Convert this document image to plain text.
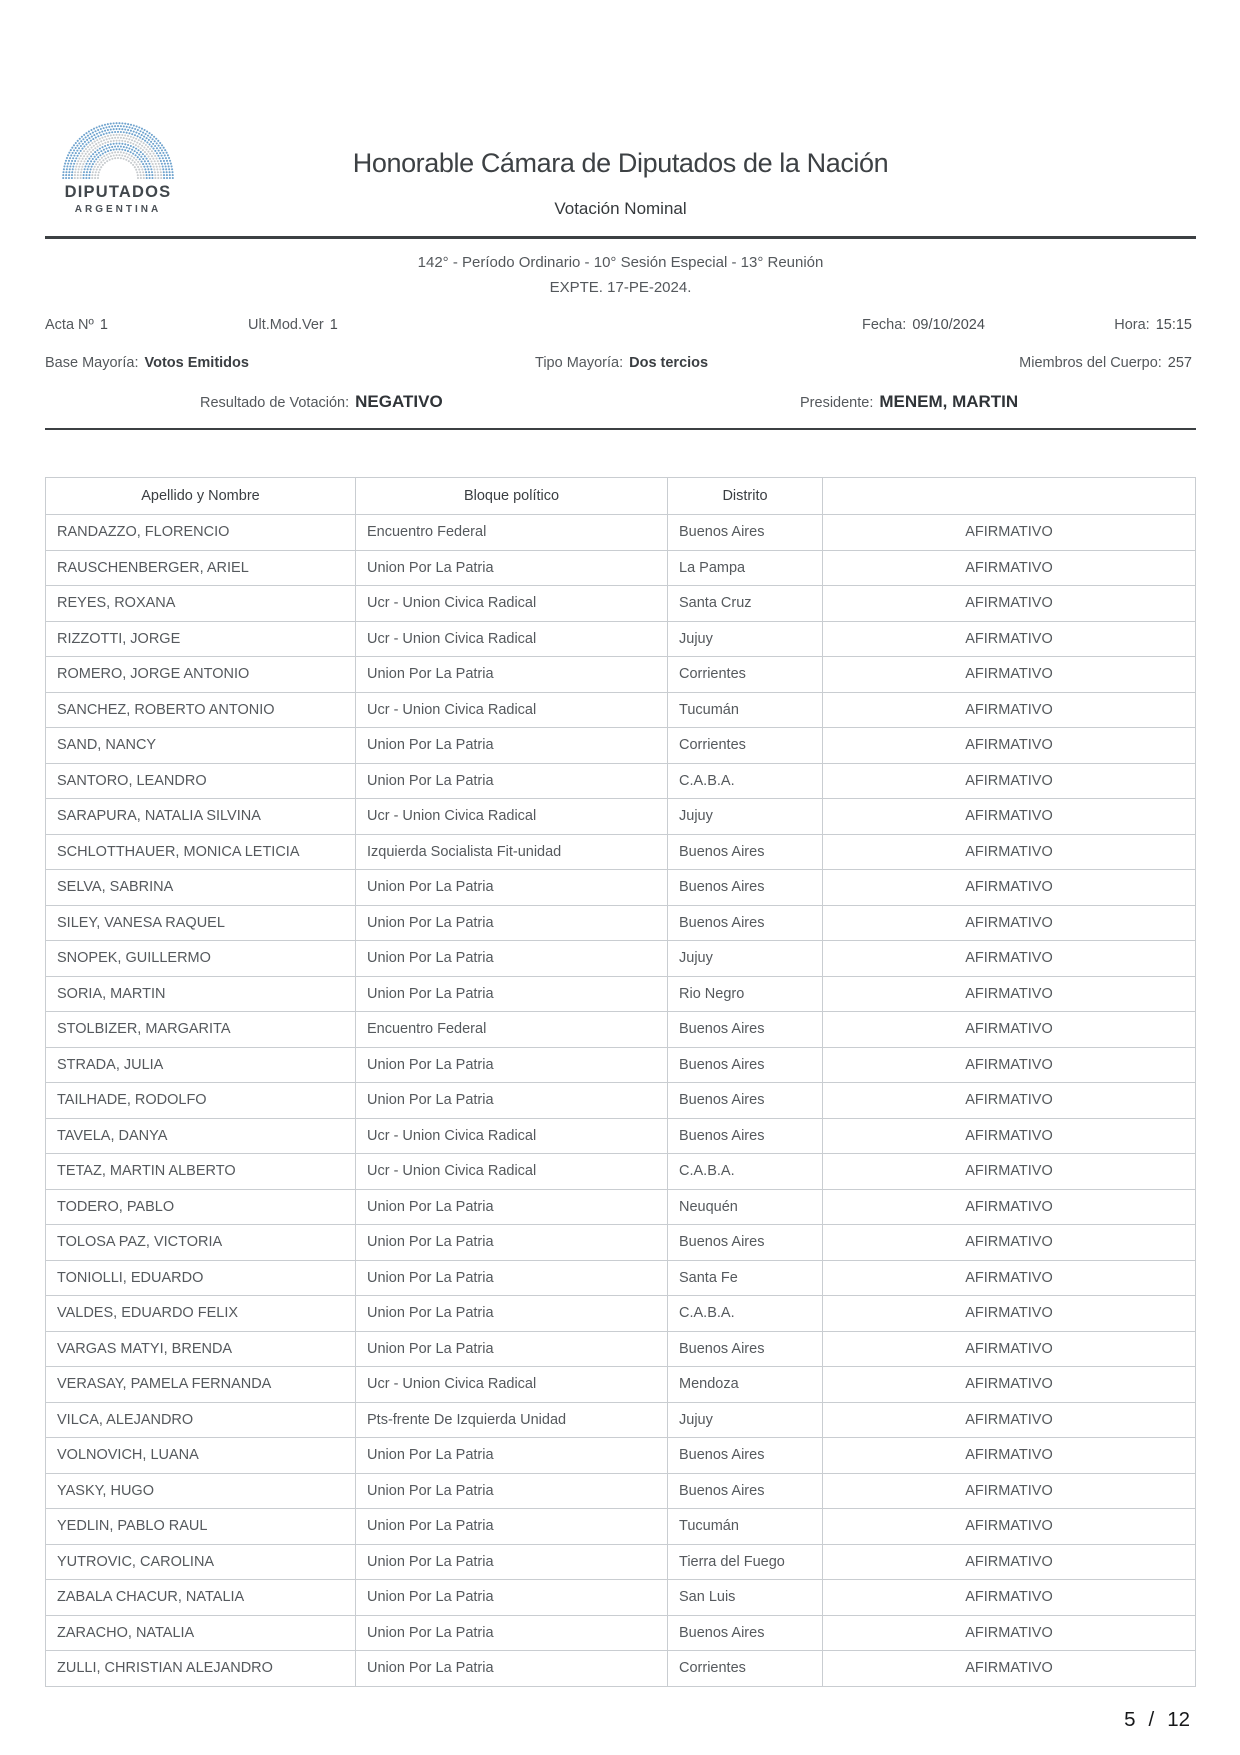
DIPUTADOS
ARGENTINA
Honorable Cámara de Diputados de la Nación
Votación Nominal
142° - Período Ordinario - 10° Sesión Especial - 13° Reunión
EXPTE. 17-PE-2024.
Acta Nº 1	Ult.Mod.Ver 1	Fecha: 09/10/2024	Hora: 15:15
Base Mayoría: Votos Emitidos	Tipo Mayoría: Dos tercios	Miembros del Cuerpo: 257
Resultado de Votación: NEGATIVO	Presidente: MENEM, MARTIN
Apellido y Nombre	Bloque político	Distrito
RANDAZZO, FLORENCIO	Encuentro Federal	Buenos Aires	AFIRMATIVO
RAUSCHENBERGER, ARIEL	Union Por La Patria	La Pampa	AFIRMATIVO
REYES, ROXANA	Ucr - Union Civica Radical	Santa Cruz	AFIRMATIVO
RIZZOTTI, JORGE	Ucr - Union Civica Radical	Jujuy	AFIRMATIVO
ROMERO, JORGE ANTONIO	Union Por La Patria	Corrientes	AFIRMATIVO
SANCHEZ, ROBERTO ANTONIO	Ucr - Union Civica Radical	Tucumán	AFIRMATIVO
SAND, NANCY	Union Por La Patria	Corrientes	AFIRMATIVO
SANTORO, LEANDRO	Union Por La Patria	C.A.B.A.	AFIRMATIVO
SARAPURA, NATALIA SILVINA	Ucr - Union Civica Radical	Jujuy	AFIRMATIVO
SCHLOTTHAUER, MONICA LETICIA	Izquierda Socialista Fit-unidad	Buenos Aires	AFIRMATIVO
SELVA, SABRINA	Union Por La Patria	Buenos Aires	AFIRMATIVO
SILEY, VANESA RAQUEL	Union Por La Patria	Buenos Aires	AFIRMATIVO
SNOPEK, GUILLERMO	Union Por La Patria	Jujuy	AFIRMATIVO
SORIA, MARTIN	Union Por La Patria	Rio Negro	AFIRMATIVO
STOLBIZER, MARGARITA	Encuentro Federal	Buenos Aires	AFIRMATIVO
STRADA, JULIA	Union Por La Patria	Buenos Aires	AFIRMATIVO
TAILHADE, RODOLFO	Union Por La Patria	Buenos Aires	AFIRMATIVO
TAVELA, DANYA	Ucr - Union Civica Radical	Buenos Aires	AFIRMATIVO
TETAZ, MARTIN ALBERTO	Ucr - Union Civica Radical	C.A.B.A.	AFIRMATIVO
TODERO, PABLO	Union Por La Patria	Neuquén	AFIRMATIVO
TOLOSA PAZ, VICTORIA	Union Por La Patria	Buenos Aires	AFIRMATIVO
TONIOLLI, EDUARDO	Union Por La Patria	Santa Fe	AFIRMATIVO
VALDES, EDUARDO FELIX	Union Por La Patria	C.A.B.A.	AFIRMATIVO
VARGAS MATYI, BRENDA	Union Por La Patria	Buenos Aires	AFIRMATIVO
VERASAY, PAMELA FERNANDA	Ucr - Union Civica Radical	Mendoza	AFIRMATIVO
VILCA, ALEJANDRO	Pts-frente De Izquierda Unidad	Jujuy	AFIRMATIVO
VOLNOVICH, LUANA	Union Por La Patria	Buenos Aires	AFIRMATIVO
YASKY, HUGO	Union Por La Patria	Buenos Aires	AFIRMATIVO
YEDLIN, PABLO RAUL	Union Por La Patria	Tucumán	AFIRMATIVO
YUTROVIC, CAROLINA	Union Por La Patria	Tierra del Fuego	AFIRMATIVO
ZABALA CHACUR, NATALIA	Union Por La Patria	San Luis	AFIRMATIVO
ZARACHO, NATALIA	Union Por La Patria	Buenos Aires	AFIRMATIVO
ZULLI, CHRISTIAN ALEJANDRO	Union Por La Patria	Corrientes	AFIRMATIVO
5 / 12
